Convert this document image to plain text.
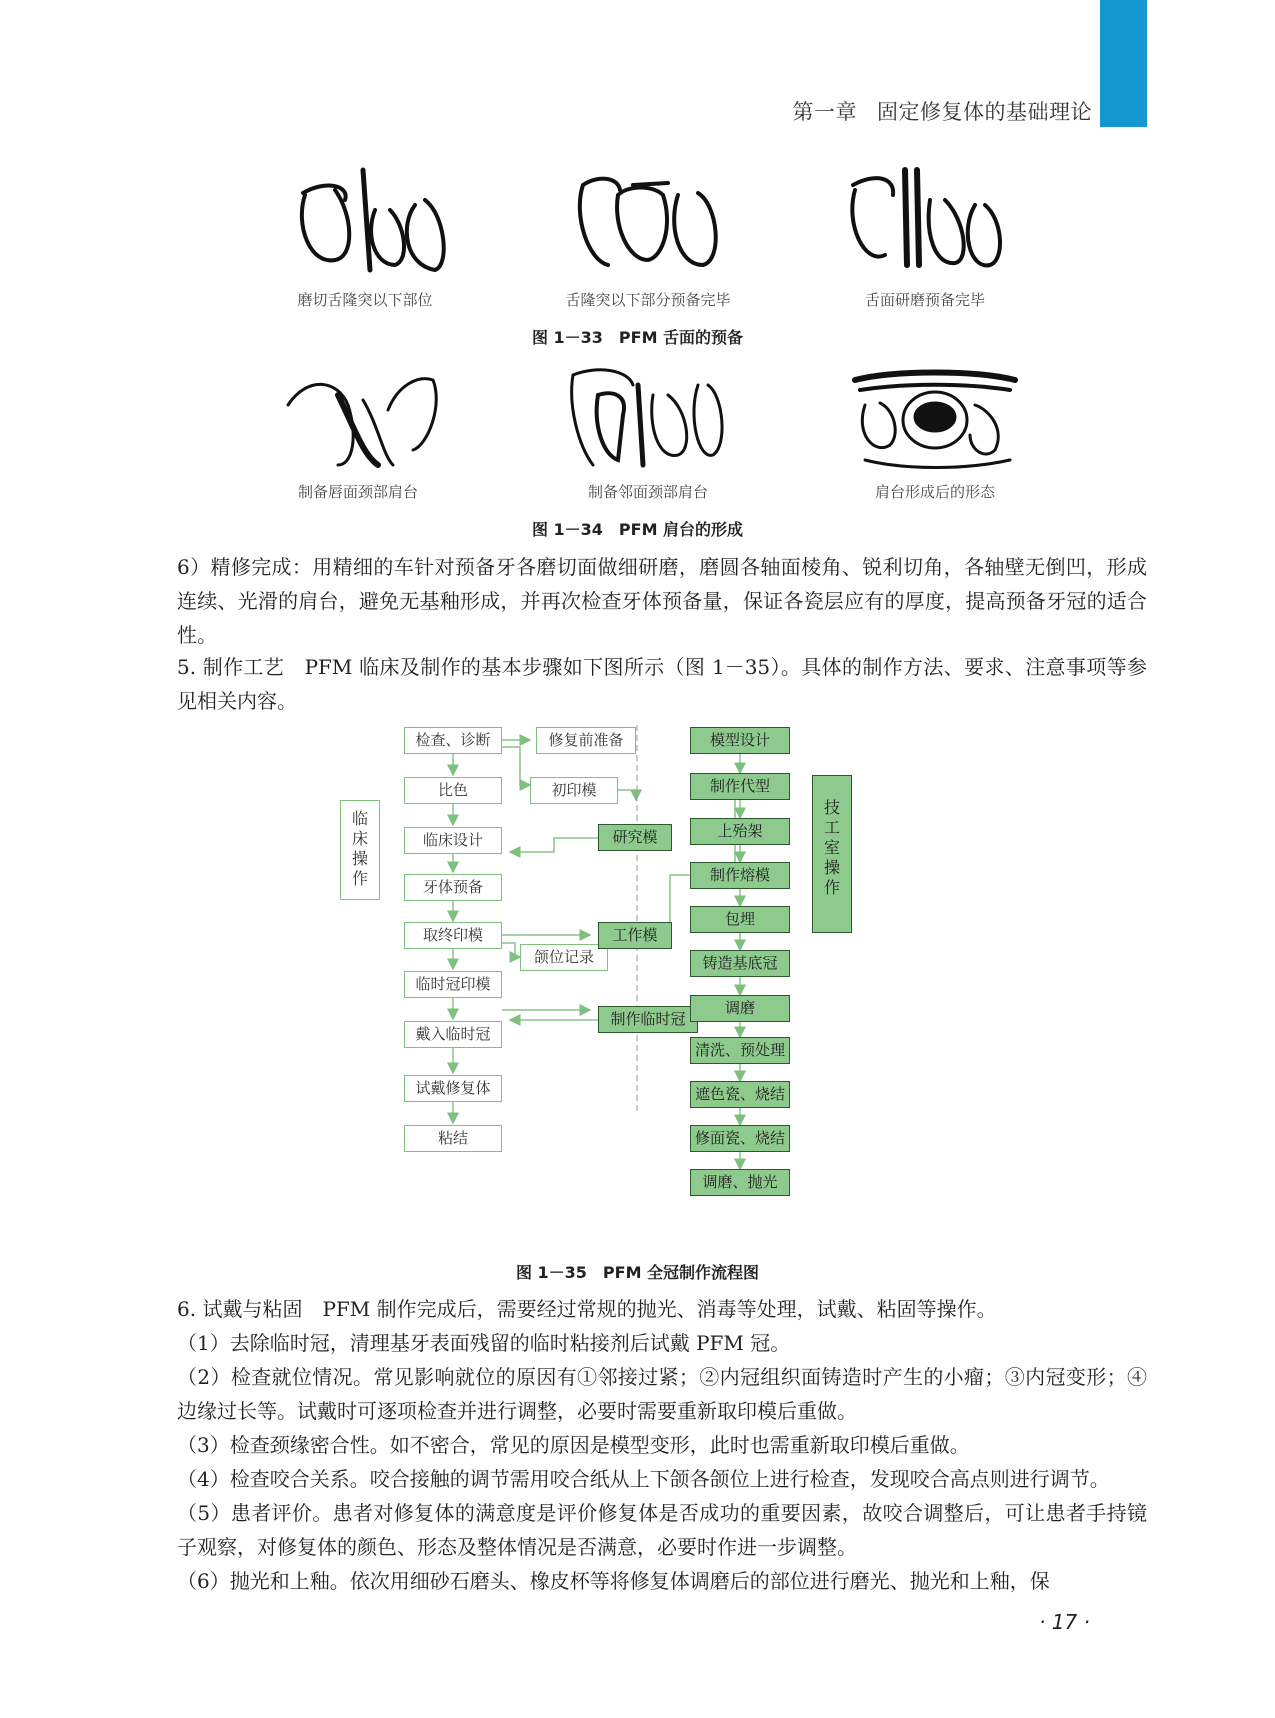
第一章 固定修复体的基础理论
磨切舌隆突以下部位	舌隆突以下部分预备完毕	舌面研磨预备完毕
图 1－33　PFM 舌面的预备
制备唇面颈部肩台	制备邻面颈部肩台	肩台形成后的形态
图 1－34　PFM 肩台的形成
6）精修完成：用精细的车针对预备牙各磨切面做细研磨，磨圆各轴面棱角、锐利切角，各轴壁无倒凹，形成连续、光滑的肩台，避免无基釉形成，并再次检查牙体预备量，保证各瓷层应有的厚度，提高预备牙冠的适合性。
5. 制作工艺　PFM 临床及制作的基本步骤如下图所示（图 1－35）。具体的制作方法、要求、注意事项等参见相关内容。
临
床
操
作
检查、诊断
比色
临床设计
牙体预备
取终印模
临时冠印模
戴入临时冠
试戴修复体
粘结
修复前准备
初印模
颌位记录
研究模
工作模
制作临时冠
模型设计
制作代型
上殆架
制作熔模
包埋
铸造基底冠
调磨
清洗、预处理
遮色瓷、烧结
修面瓷、烧结
调磨、抛光
技
工
室
操
作
图 1－35　PFM 全冠制作流程图
6. 试戴与粘固　PFM 制作完成后，需要经过常规的抛光、消毒等处理，试戴、粘固等操作。
（1）去除临时冠，清理基牙表面残留的临时粘接剂后试戴 PFM 冠。
（2）检查就位情况。常见影响就位的原因有①邻接过紧；②内冠组织面铸造时产生的小瘤；③内冠变形；④边缘过长等。试戴时可逐项检查并进行调整，必要时需要重新取印模后重做。
（3）检查颈缘密合性。如不密合，常见的原因是模型变形，此时也需重新取印模后重做。
（4）检查咬合关系。咬合接触的调节需用咬合纸从上下颌各颌位上进行检查，发现咬合高点则进行调节。
（5）患者评价。患者对修复体的满意度是评价修复体是否成功的重要因素，故咬合调整后，可让患者手持镜子观察，对修复体的颜色、形态及整体情况是否满意，必要时作进一步调整。
（6）抛光和上釉。依次用细砂石磨头、橡皮杯等将修复体调磨后的部位进行磨光、抛光和上釉，保
· 17 ·
